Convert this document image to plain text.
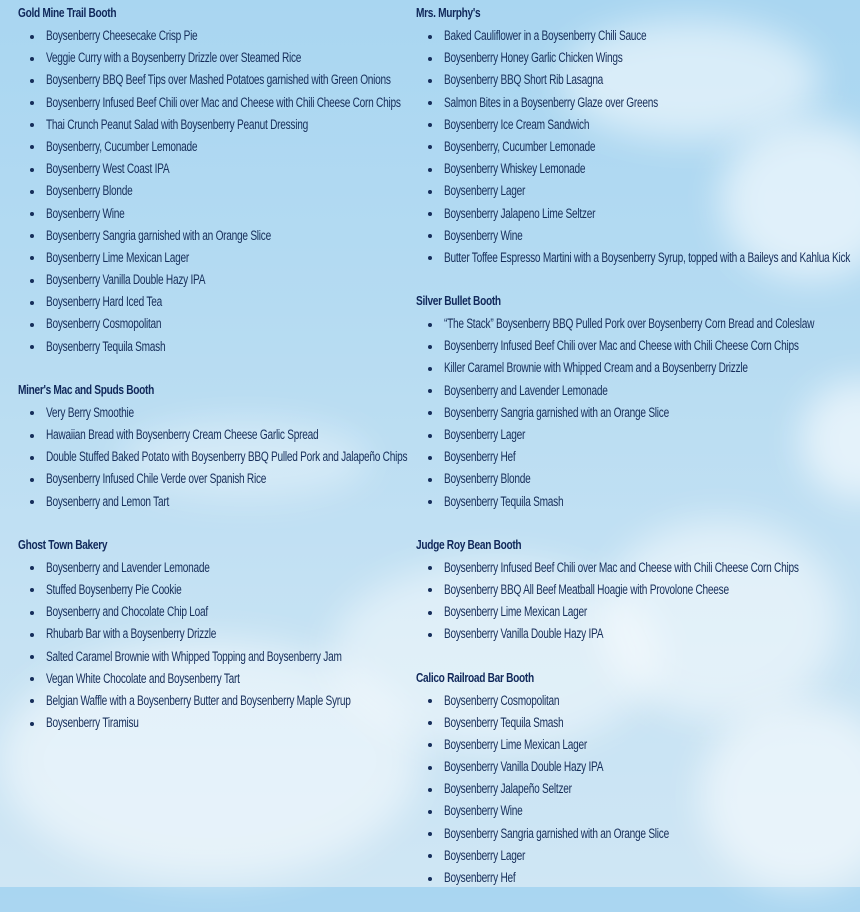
Gold Mine Trail Booth
Boysenberry Cheesecake Crisp Pie
Veggie Curry with a Boysenberry Drizzle over Steamed Rice
Boysenberry BBQ Beef Tips over Mashed Potatoes garnished with Green Onions
Boysenberry Infused Beef Chili over Mac and Cheese with Chili Cheese Corn Chips
Thai Crunch Peanut Salad with Boysenberry Peanut Dressing
Boysenberry, Cucumber Lemonade
Boysenberry West Coast IPA
Boysenberry Blonde
Boysenberry Wine
Boysenberry Sangria garnished with an Orange Slice
Boysenberry Lime Mexican Lager
Boysenberry Vanilla Double Hazy IPA
Boysenberry Hard Iced Tea
Boysenberry Cosmopolitan
Boysenberry Tequila Smash
Miner's Mac and Spuds Booth
Very Berry Smoothie
Hawaiian Bread with Boysenberry Cream Cheese Garlic Spread
Double Stuffed Baked Potato with Boysenberry BBQ Pulled Pork and Jalapeño Chips
Boysenberry Infused Chile Verde over Spanish Rice
Boysenberry and Lemon Tart
Ghost Town Bakery
Boysenberry and Lavender Lemonade
Stuffed Boysenberry Pie Cookie
Boysenberry and Chocolate Chip Loaf
Rhubarb Bar with a Boysenberry Drizzle
Salted Caramel Brownie with Whipped Topping and Boysenberry Jam
Vegan White Chocolate and Boysenberry Tart
Belgian Waffle with a Boysenberry Butter and Boysenberry Maple Syrup
Boysenberry Tiramisu
Mrs. Murphy's
Baked Cauliflower in a Boysenberry Chili Sauce
Boysenberry Honey Garlic Chicken Wings
Boysenberry BBQ Short Rib Lasagna
Salmon Bites in a Boysenberry Glaze over Greens
Boysenberry Ice Cream Sandwich
Boysenberry, Cucumber Lemonade
Boysenberry Whiskey Lemonade
Boysenberry Lager
Boysenberry Jalapeno Lime Seltzer
Boysenberry Wine
Butter Toffee Espresso Martini with a Boysenberry Syrup, topped with a Baileys and Kahlua Kick
Silver Bullet Booth
“The Stack” Boysenberry BBQ Pulled Pork over Boysenberry Corn Bread and Coleslaw
Boysenberry Infused Beef Chili over Mac and Cheese with Chili Cheese Corn Chips
Killer Caramel Brownie with Whipped Cream and a Boysenberry Drizzle
Boysenberry and Lavender Lemonade
Boysenberry Sangria garnished with an Orange Slice
Boysenberry Lager
Boysenberry Hef
Boysenberry Blonde
Boysenberry Tequila Smash
Judge Roy Bean Booth
Boysenberry Infused Beef Chili over Mac and Cheese with Chili Cheese Corn Chips
Boysenberry BBQ All Beef Meatball Hoagie with Provolone Cheese
Boysenberry Lime Mexican Lager
Boysenberry Vanilla Double Hazy IPA
Calico Railroad Bar Booth
Boysenberry Cosmopolitan
Boysenberry Tequila Smash
Boysenberry Lime Mexican Lager
Boysenberry Vanilla Double Hazy IPA
Boysenberry Jalapeño Seltzer
Boysenberry Wine
Boysenberry Sangria garnished with an Orange Slice
Boysenberry Lager
Boysenberry Hef
